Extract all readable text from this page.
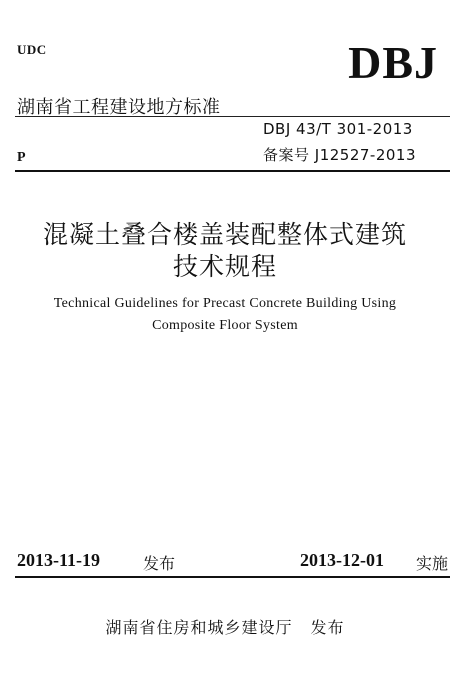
UDC	DBJ
湖南省工程建设地方标准
DBJ 43/T 301-2013
备案号 J12527-2013
P
混凝土叠合楼盖装配整体式建筑
技术规程
Technical Guidelines for Precast Concrete Building Using
Composite Floor System
2013-11-19	发布	2013-12-01 实施
湖南省住房和城乡建设厅 发布
